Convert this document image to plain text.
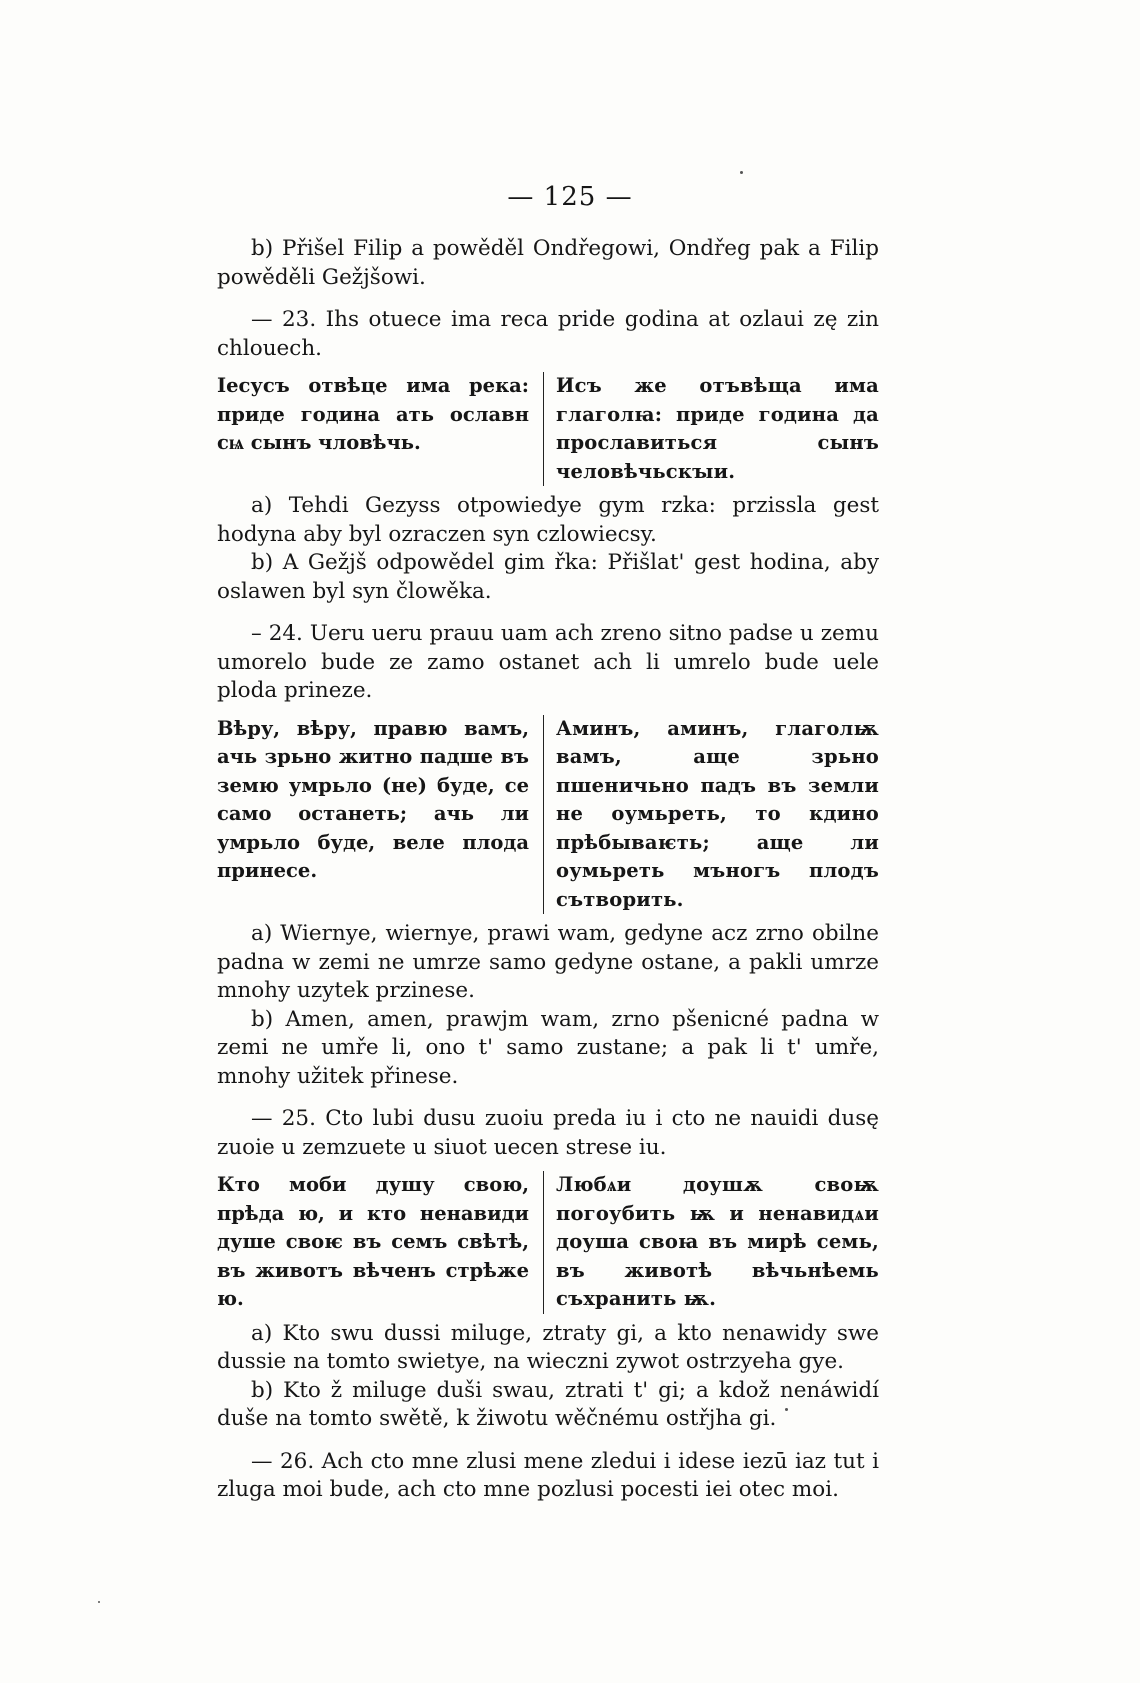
— 125 —

b) Přišel Filip a powěděl Ondřegowi, Ondřeg pak a Filip powěděli Gežjšowi.

— 23. Ihs otuece ima reca pride godina at ozlaui zę zin chlouech.

Іесусъ отвѣце има река: приде година ать ославн сѩ сынъ чловѣчь.
Исъ же отъвѣща има глаголꙗ: приде година да прославиться сынъ человѣчьскꙑи.

a) Tehdi Gezyss otpowiedye gym rzka: przissla gest hodyna aby byl ozraczen syn czlowiecsy.

b) A Gežjš odpowědel gim řka: Přišlat' gest hodina, aby oslawen byl syn člowěka.

– 24. Ueru ueru prauu uam ach zreno sitno padse u zemu umorelo bude ze zamo ostanet ach li umrelo bude uele ploda prineze.

Вѣру, вѣру, правю вамъ, ачь зрьно житно падше въ земю умрьло (не) буде, се само останеть; ачь ли умрьло буде, веле плода принесе.
Аминъ, аминъ, глаголѭ вамъ, аще зрьно пшеничьно падъ въ земли не оумьреть, то кдино прѣбываѥть; аще ли оумьреть мъногъ плодъ сътворить.

a) Wiernye, wiernye, prawi wam, gedyne acz zrno obilne padna w zemi ne umrze samo gedyne ostane, a pakli umrze mnohy uzytek przinese.

b) Amen, amen, prawjm wam, zrno pšenicné padna w zemi ne umře li, ono t' samo zustane; a pak li t' umře, mnohy užitek přinese.

— 25. Cto lubi dusu zuoiu preda iu i cto ne nauidi dusę zuoie u zemzuete u siuot uecen strese iu.

Кто моби душу свою, прѣда ю, и кто ненавиди душе своѥ въ семъ свѣтѣ, въ животъ вѣченъ стрѣже ю.
Любѧи доушѫ своѭ погоубить ѭ и ненавидѧи доуша своꙗ въ мирѣ семь, въ животѣ вѣчьнѣемь съхранить ѭ.

a) Kto swu dussi miluge, ztraty gi, a kto nenawidy swe dussie na tomto swietye, na wieczni zywot ostrzyeha gye.

b) Kto ž miluge duši swau, ztrati t' gi; a kdož nenáwidí duše na tomto swětě, k žiwotu wěčnému ostřjha gi.

— 26. Ach cto mne zlusi mene zledui i idese iezū iaz tut i zluga moi bude, ach cto mne pozlusi pocesti iei otec moi.
